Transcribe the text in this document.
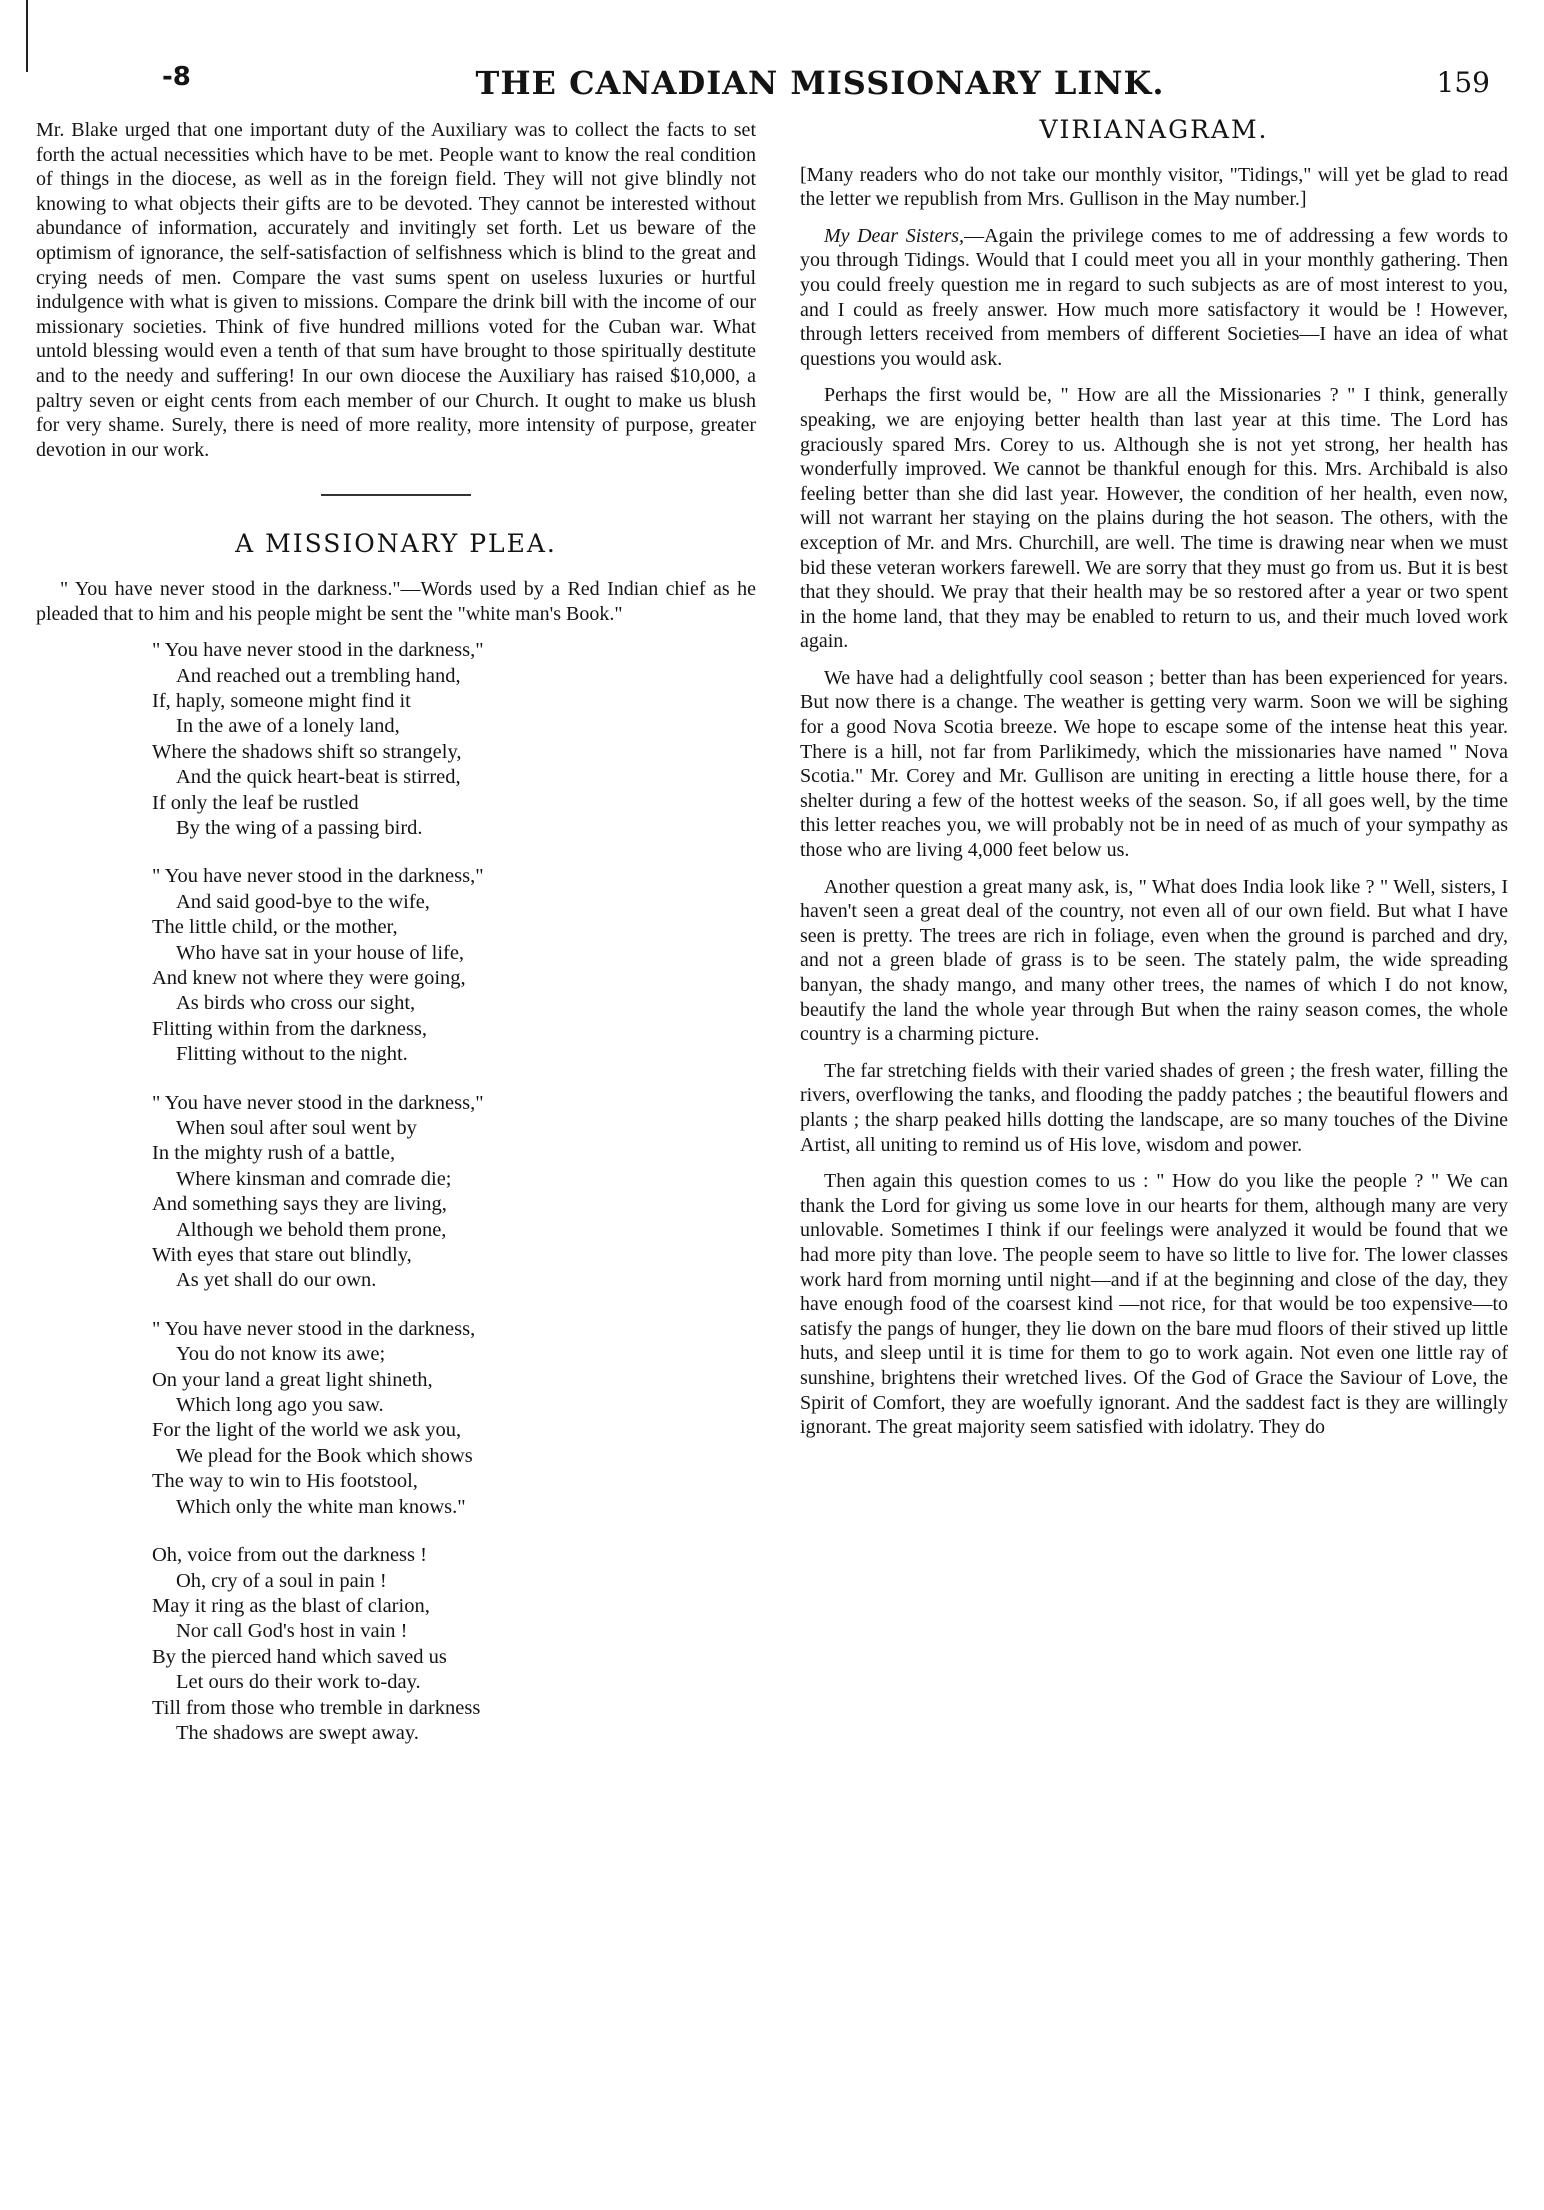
-8	THE CANADIAN MISSIONARY LINK.	159

Mr. Blake urged that one important duty of the Auxiliary was to collect the facts to set forth the actual necessities which have to be met. People want to know the real condition of things in the diocese, as well as in the foreign field. They will not give blindly not knowing to what objects their gifts are to be devoted. They cannot be interested without abundance of information, accurately and invitingly set forth. Let us beware of the optimism of ignorance, the self-satisfaction of selfishness which is blind to the great and crying needs of men. Compare the vast sums spent on useless luxuries or hurtful indulgence with what is given to missions. Compare the drink bill with the income of our missionary societies. Think of five hundred millions voted for the Cuban war. What untold blessing would even a tenth of that sum have brought to those spiritually destitute and to the needy and suffering! In our own diocese the Auxiliary has raised $10,000, a paltry seven or eight cents from each member of our Church. It ought to make us blush for very shame. Surely, there is need of more reality, more intensity of purpose, greater devotion in our work.

A MISSIONARY PLEA.

" You have never stood in the darkness."—Words used by a Red Indian chief as he pleaded that to him and his people might be sent the "white man's Book."

" You have never stood in the darkness,"
And reached out a trembling hand,
If, haply, someone might find it
In the awe of a lonely land,
Where the shadows shift so strangely,
And the quick heart-beat is stirred,
If only the leaf be rustled
By the wing of a passing bird.
" You have never stood in the darkness,"
And said good-bye to the wife,
The little child, or the mother,
Who have sat in your house of life,
And knew not where they were going,
As birds who cross our sight,
Flitting within from the darkness,
Flitting without to the night.
" You have never stood in the darkness,"
When soul after soul went by
In the mighty rush of a battle,
Where kinsman and comrade die;
And something says they are living,
Although we behold them prone,
With eyes that stare out blindly,
As yet shall do our own.
" You have never stood in the darkness,
You do not know its awe;
On your land a great light shineth,
Which long ago you saw.
For the light of the world we ask you,
We plead for the Book which shows
The way to win to His footstool,
Which only the white man knows."
Oh, voice from out the darkness !
Oh, cry of a soul in pain !
May it ring as the blast of clarion,
Nor call God's host in vain !
By the pierced hand which saved us
Let ours do their work to-day.
Till from those who tremble in darkness
The shadows are swept away.
VIRIANAGRAM.

[Many readers who do not take our monthly visitor, "Tidings," will yet be glad to read the letter we republish from Mrs. Gullison in the May number.]

My Dear Sisters,—Again the privilege comes to me of addressing a few words to you through Tidings. Would that I could meet you all in your monthly gathering. Then you could freely question me in regard to such subjects as are of most interest to you, and I could as freely answer. How much more satisfactory it would be ! However, through letters received from members of different Societies—I have an idea of what questions you would ask.

Perhaps the first would be, " How are all the Missionaries ? " I think, generally speaking, we are enjoying better health than last year at this time. The Lord has graciously spared Mrs. Corey to us. Although she is not yet strong, her health has wonderfully improved. We cannot be thankful enough for this. Mrs. Archibald is also feeling better than she did last year. However, the condition of her health, even now, will not warrant her staying on the plains during the hot season. The others, with the exception of Mr. and Mrs. Churchill, are well. The time is drawing near when we must bid these veteran workers farewell. We are sorry that they must go from us. But it is best that they should. We pray that their health may be so restored after a year or two spent in the home land, that they may be enabled to return to us, and their much loved work again.

We have had a delightfully cool season ; better than has been experienced for years. But now there is a change. The weather is getting very warm. Soon we will be sighing for a good Nova Scotia breeze. We hope to escape some of the intense heat this year. There is a hill, not far from Parlikimedy, which the missionaries have named " Nova Scotia." Mr. Corey and Mr. Gullison are uniting in erecting a little house there, for a shelter during a few of the hottest weeks of the season. So, if all goes well, by the time this letter reaches you, we will probably not be in need of as much of your sympathy as those who are living 4,000 feet below us.

Another question a great many ask, is, " What does India look like ? " Well, sisters, I haven't seen a great deal of the country, not even all of our own field. But what I have seen is pretty. The trees are rich in foliage, even when the ground is parched and dry, and not a green blade of grass is to be seen. The stately palm, the wide spreading banyan, the shady mango, and many other trees, the names of which I do not know, beautify the land the whole year through But when the rainy season comes, the whole country is a charming picture.

The far stretching fields with their varied shades of green ; the fresh water, filling the rivers, overflowing the tanks, and flooding the paddy patches ; the beautiful flowers and plants ; the sharp peaked hills dotting the landscape, are so many touches of the Divine Artist, all uniting to remind us of His love, wisdom and power.

Then again this question comes to us : " How do you like the people ? " We can thank the Lord for giving us some love in our hearts for them, although many are very unlovable. Sometimes I think if our feelings were analyzed it would be found that we had more pity than love. The people seem to have so little to live for. The lower classes work hard from morning until night—and if at the beginning and close of the day, they have enough food of the coarsest kind —not rice, for that would be too expensive—to satisfy the pangs of hunger, they lie down on the bare mud floors of their stived up little huts, and sleep until it is time for them to go to work again. Not even one little ray of sunshine, brightens their wretched lives. Of the God of Grace the Saviour of Love, the Spirit of Comfort, they are woefully ignorant. And the saddest fact is they are willingly ignorant. The great majority seem satisfied with idolatry. They do
